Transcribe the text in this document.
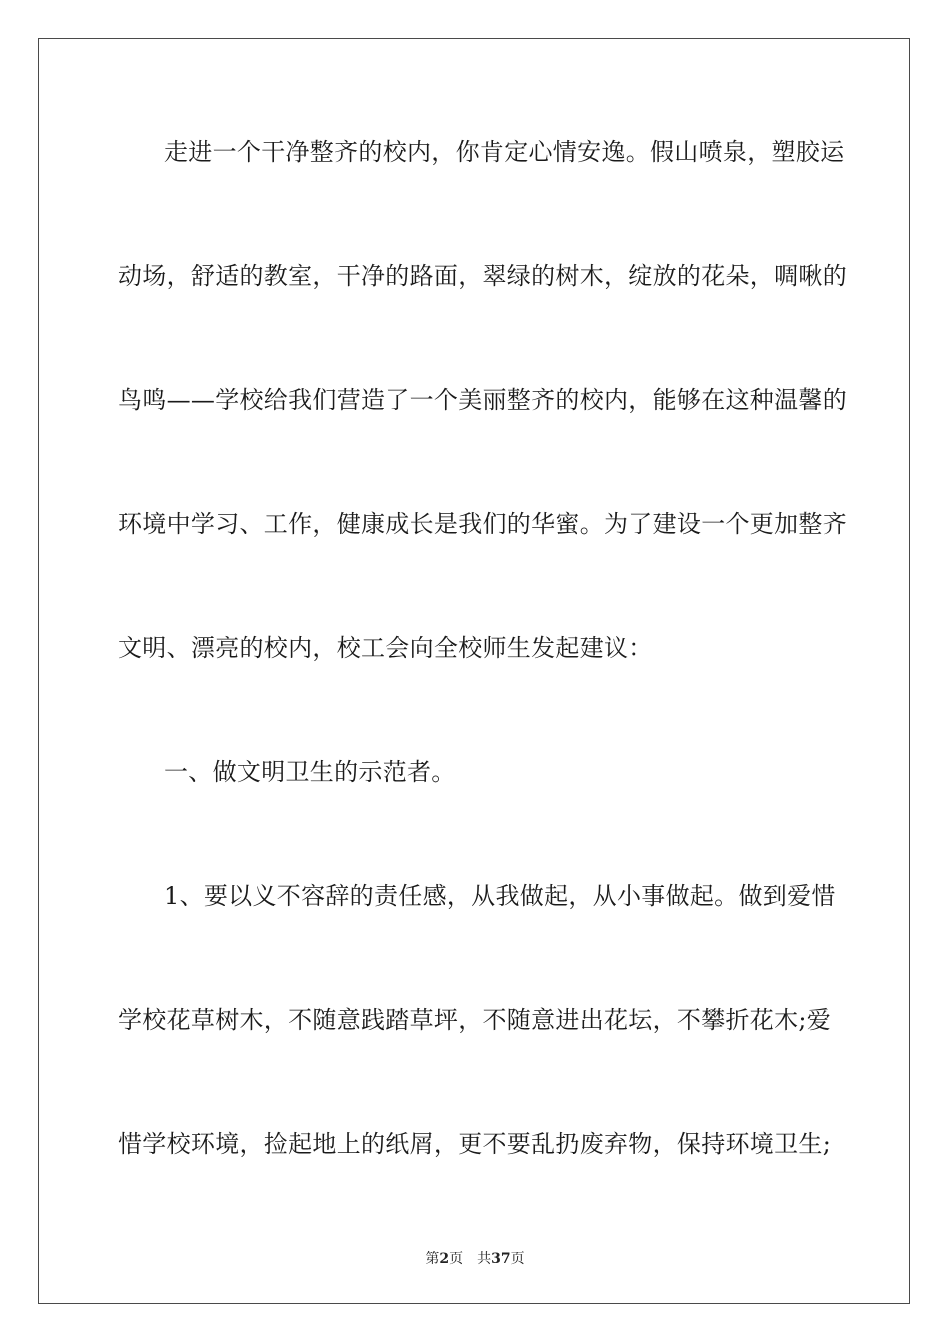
走进一个干净整齐的校内，你肯定心情安逸。假山喷泉，塑胶运
动场，舒适的教室，干净的路面，翠绿的树木，绽放的花朵，啁啾的
鸟鸣——学校给我们营造了一个美丽整齐的校内，能够在这种温馨的
环境中学习、工作，健康成长是我们的华蜜。为了建设一个更加整齐
文明、漂亮的校内，校工会向全校师生发起建议：
一、做文明卫生的示范者。
1、要以义不容辞的责任感，从我做起，从小事做起。做到爱惜
学校花草树木，不随意践踏草坪，不随意进出花坛，不攀折花木;爱
惜学校环境，捡起地上的纸屑，更不要乱扔废弃物，保持环境卫生;
第2页 共37页
